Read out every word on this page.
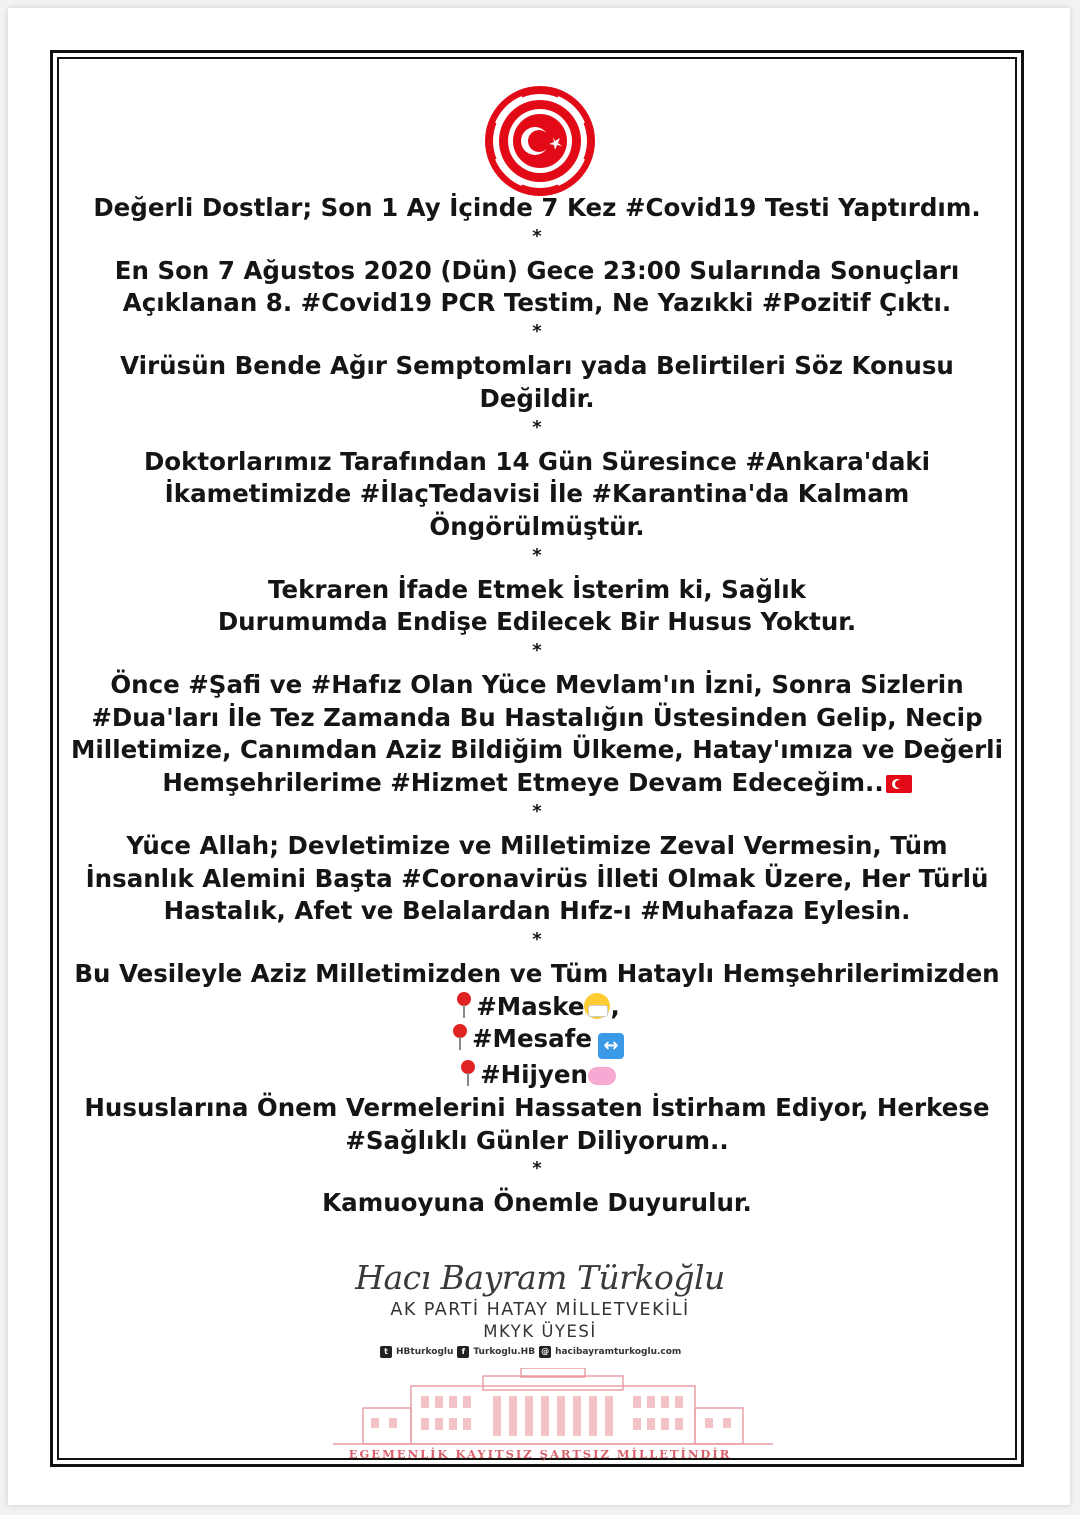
Değerli Dostlar; Son 1 Ay İçinde 7 Kez #Covid19 Testi Yaptırdım.
*
En Son 7 Ağustos 2020 (Dün) Gece 23:00 Sularında Sonuçları
Açıklanan 8. #Covid19 PCR Testim, Ne Yazıkki #Pozitif Çıktı.
*
Virüsün Bende Ağır Semptomları yada Belirtileri Söz Konusu
Değildir.
*
Doktorlarımız Tarafından 14 Gün Süresince #Ankara'daki
İkametimizde #İlaçTedavisi İle #Karantina'da Kalmam
Öngörülmüştür.
*
Tekraren İfade Etmek İsterim ki, Sağlık
Durumumda Endişe Edilecek Bir Husus Yoktur.
*
Önce #Şafi ve #Hafız Olan Yüce Mevlam'ın İzni, Sonra Sizlerin
#Dua'ları İle Tez Zamanda Bu Hastalığın Üstesinden Gelip, Necip
Milletimize, Canımdan Aziz Bildiğim Ülkeme, Hatay'ımıza ve Değerli
Hemşehrilerime #Hizmet Etmeye Devam Edeceğim..
*
Yüce Allah; Devletimize ve Milletimize Zeval Vermesin, Tüm
İnsanlık Alemini Başta #Coronavirüs İlleti Olmak Üzere, Her Türlü
Hastalık, Afet ve Belalardan Hıfz-ı #Muhafaza Eylesin.
*
Bu Vesileyle Aziz Milletimizden ve Tüm Hataylı Hemşehrilerimizden
#Maske ,
#Mesafe ↔
#Hijyen
Hususlarına Önem Vermelerini Hassaten İstirham Ediyor, Herkese
#Sağlıklı Günler Diliyorum..
*
Kamuoyuna Önemle Duyurulur.
Hacı Bayram Türkoğlu
AK PARTİ HATAY MİLLETVEKİLİ
MKYK ÜYESİ
t HBturkoglu	f Turkoglu.HB @ hacibayramturkoglu.com
EGEMENLİK KAYITSIZ ŞARTSIZ MİLLETİNDİR
